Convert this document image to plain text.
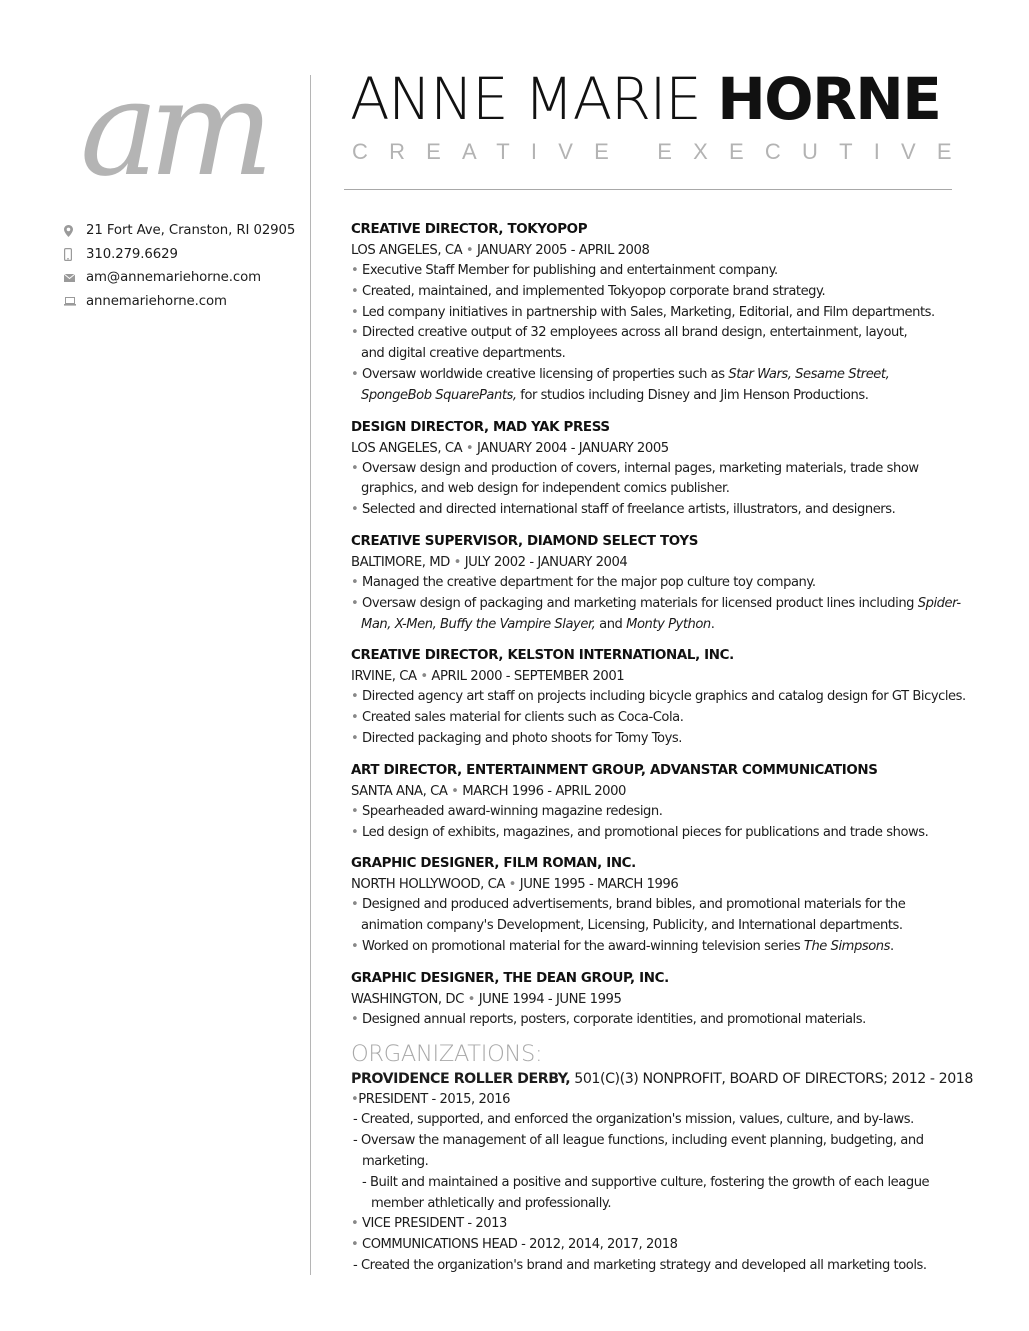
am
21 Fort Ave, Cranston, RI 02905
310.279.6629
am@annemariehorne.com
annemariehorne.com
ANNE MARIE HORNE
CREATIVE EXECUTIVE
CREATIVE DIRECTOR, TOKYOPOP
LOS ANGELES, CA • JANUARY 2005 - APRIL 2008
• Executive Staff Member for publishing and entertainment company.
• Created, maintained, and implemented Tokyopop corporate brand strategy.
• Led company initiatives in partnership with Sales, Marketing, Editorial, and Film departments.
• Directed creative output of 32 employees across all brand design, entertainment, layout, and digital creative departments.
• Oversaw worldwide creative licensing of properties such as Star Wars, Sesame Street, SpongeBob SquarePants, for studios including Disney and Jim Henson Productions.
DESIGN DIRECTOR, MAD YAK PRESS
LOS ANGELES, CA • JANUARY 2004 - JANUARY 2005
• Oversaw design and production of covers, internal pages, marketing materials, trade show graphics, and web design for independent comics publisher.
• Selected and directed international staff of freelance artists, illustrators, and designers.
CREATIVE SUPERVISOR, DIAMOND SELECT TOYS
BALTIMORE, MD • JULY 2002 - JANUARY 2004
• Managed the creative department for the major pop culture toy company.
• Oversaw design of packaging and marketing materials for licensed product lines including Spider-Man, X-Men, Buffy the Vampire Slayer, and Monty Python.
CREATIVE DIRECTOR, KELSTON INTERNATIONAL, INC.
IRVINE, CA • APRIL 2000 - SEPTEMBER 2001
• Directed agency art staff on projects including bicycle graphics and catalog design for GT Bicycles.
• Created sales material for clients such as Coca-Cola.
• Directed packaging and photo shoots for Tomy Toys.
ART DIRECTOR, ENTERTAINMENT GROUP, ADVANSTAR COMMUNICATIONS
SANTA ANA, CA • MARCH 1996 - APRIL 2000
• Spearheaded award-winning magazine redesign.
• Led design of exhibits, magazines, and promotional pieces for publications and trade shows.
GRAPHIC DESIGNER, FILM ROMAN, INC.
NORTH HOLLYWOOD, CA • JUNE 1995 - MARCH 1996
• Designed and produced advertisements, brand bibles, and promotional materials for the animation company's Development, Licensing, Publicity, and International departments.
• Worked on promotional material for the award-winning television series The Simpsons.
GRAPHIC DESIGNER, THE DEAN GROUP, INC.
WASHINGTON, DC • JUNE 1994 - JUNE 1995
• Designed annual reports, posters, corporate identities, and promotional materials.
ORGANIZATIONS:
PROVIDENCE ROLLER DERBY, 501(C)(3) NONPROFIT, BOARD OF DIRECTORS; 2012 - 2018
•PRESIDENT - 2015, 2016
- Created, supported, and enforced the organization's mission, values, culture, and by-laws.
- Oversaw the management of all league functions, including event planning, budgeting, and marketing.
- Built and maintained a positive and supportive culture, fostering the growth of each league member athletically and professionally.
• VICE PRESIDENT - 2013
• COMMUNICATIONS HEAD - 2012, 2014, 2017, 2018
- Created the organization's brand and marketing strategy and developed all marketing tools.
